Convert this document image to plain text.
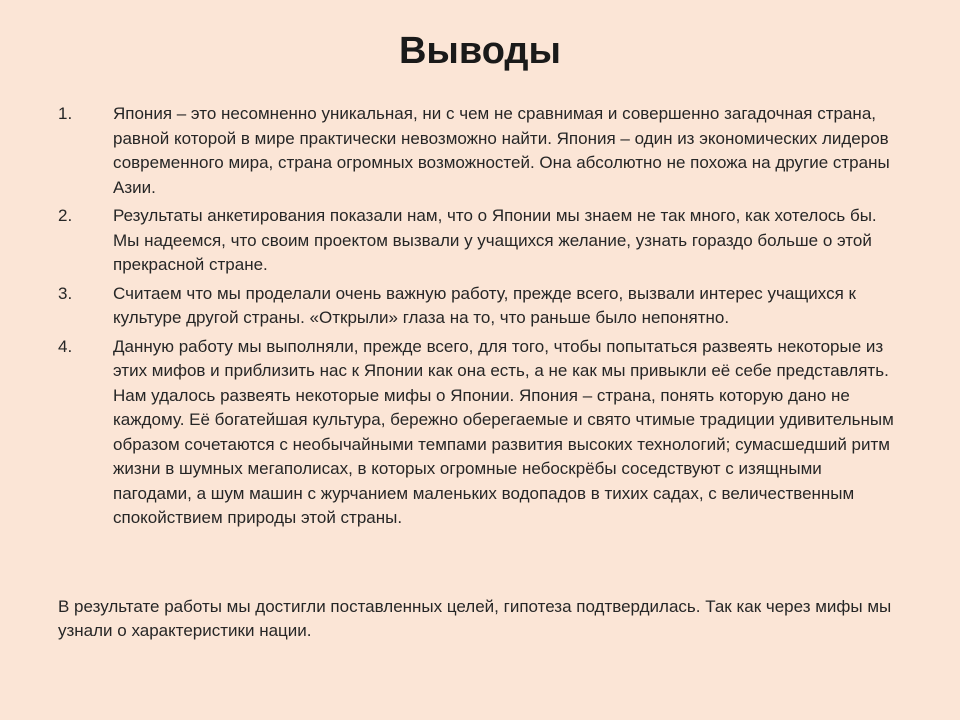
Выводы
1. Япония – это несомненно уникальная, ни с чем не сравнимая и совершенно загадочная страна, равной которой в мире практически невозможно найти. Япония – один из экономических лидеров современного мира, страна огромных возможностей. Она абсолютно не похожа на другие страны Азии.
2. Результаты анкетирования показали нам, что о Японии мы знаем не так много, как хотелось бы. Мы надеемся, что своим проектом вызвали у учащихся желание, узнать гораздо больше о этой прекрасной стране.
3. Считаем что мы проделали очень важную работу, прежде всего, вызвали интерес учащихся к культуре другой страны. «Открыли» глаза на то, что раньше было непонятно.
4. Данную работу мы выполняли, прежде всего, для того, чтобы попытаться развеять некоторые из этих мифов и приблизить нас к Японии как она есть, а не как мы привыкли её себе представлять. Нам удалось развеять некоторые мифы о Японии. Япония – страна, понять которую дано не каждому. Её богатейшая культура, бережно оберегаемые и свято чтимые традиции удивительным образом сочетаются с необычайными темпами развития высоких технологий; сумасшедший ритм жизни в шумных мегаполисах, в которых огромные небоскрёбы соседствуют с изящными пагодами, а шум машин с журчанием маленьких водопадов в тихих садах, с величественным спокойствием природы этой страны.

В результате работы мы достигли поставленных целей, гипотеза подтвердилась. Так как через мифы мы узнали о характеристики нации.
